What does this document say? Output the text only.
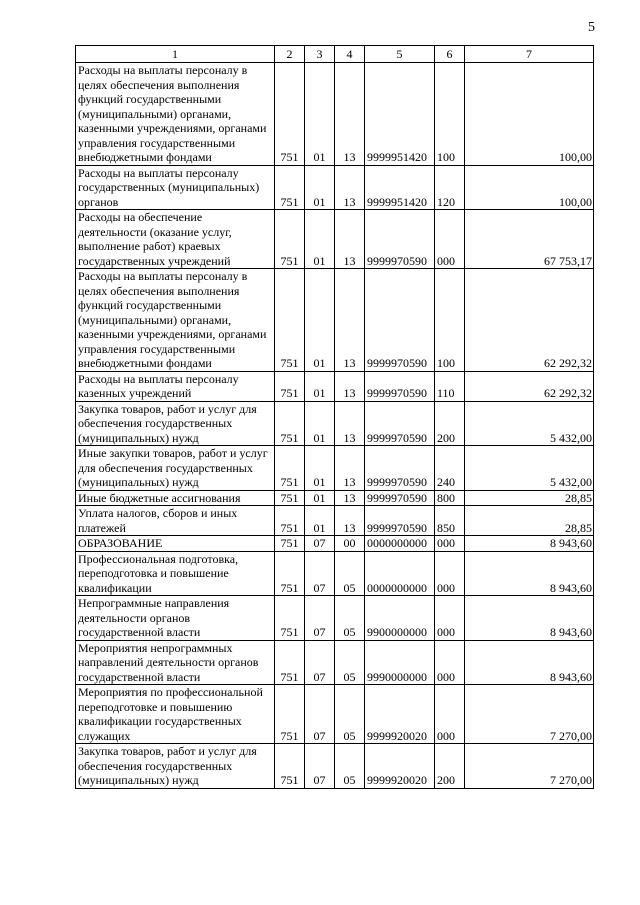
5
1	2	3	4	5	6	7
Расходы на выплаты персоналу в целях обеспечения выполнения функций государственными (муниципальными) органами, казенными учреждениями, органами управления государственными внебюджетными фондами	751	01	13	9999951420	100	100,00
Расходы на выплаты персоналу государственных (муниципальных) органов	751	01	13	9999951420	120	100,00
Расходы на обеспечение деятельности (оказание услуг, выполнение работ) краевых государственных учреждений	751	01	13	9999970590	000	67 753,17
Расходы на выплаты персоналу в целях обеспечения выполнения функций государственными (муниципальными) органами, казенными учреждениями, органами управления государственными внебюджетными фондами	751	01	13	9999970590	100	62 292,32
Расходы на выплаты персоналу казенных учреждений	751	01	13	9999970590	110	62 292,32
Закупка товаров, работ и услуг для обеспечения государственных (муниципальных) нужд	751	01	13	9999970590	200	5 432,00
Иные закупки товаров, работ и услуг для обеспечения государственных (муниципальных) нужд	751	01	13	9999970590	240	5 432,00
Иные бюджетные ассигнования	751	01	13	9999970590	800	28,85
Уплата налогов, сборов и иных платежей	751	01	13	9999970590	850	28,85
ОБРАЗОВАНИЕ	751	07	00	0000000000	000	8 943,60
Профессиональная подготовка, переподготовка и повышение квалификации	751	07	05	0000000000	000	8 943,60
Непрограммные направления деятельности органов государственной власти	751	07	05	9900000000	000	8 943,60
Мероприятия непрограммных направлений деятельности органов государственной власти	751	07	05	9990000000	000	8 943,60
Мероприятия по профессиональной переподготовке и повышению квалификации государственных служащих	751	07	05	9999920020	000	7 270,00
Закупка товаров, работ и услуг для обеспечения государственных (муниципальных) нужд	751	07	05	9999920020	200	7 270,00
